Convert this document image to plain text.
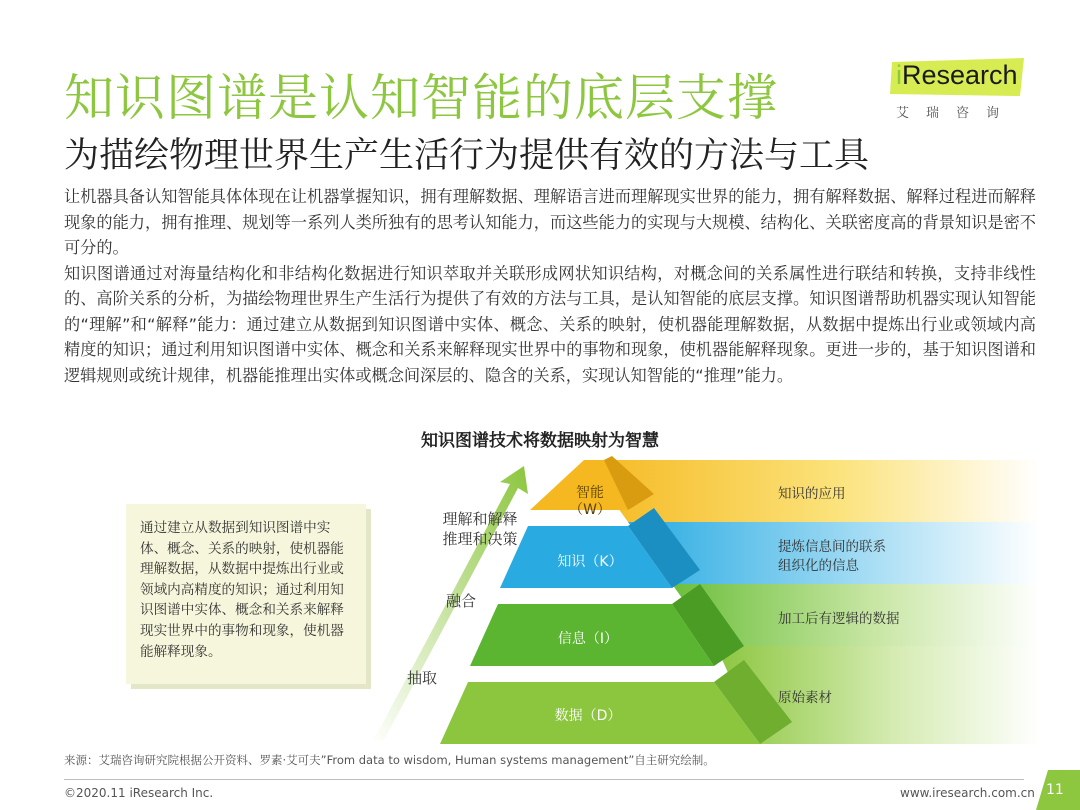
知识图谱是认知智能的底层支撑
为描绘物理世界生产生活行为提供有效的方法与工具
iResearch
艾瑞咨询

让机器具备认知智能具体体现在让机器掌握知识，拥有理解数据、理解语言进而理解现实世界的能力，拥有解释数据、解释过程进而解释现象的能力，拥有推理、规划等一系列人类所独有的思考认知能力，而这些能力的实现与大规模、结构化、关联密度高的背景知识是密不可分的。

知识图谱通过对海量结构化和非结构化数据进行知识萃取并关联形成网状知识结构，对概念间的关系属性进行联结和转换，支持非线性的、高阶关系的分析，为描绘物理世界生产生活行为提供了有效的方法与工具，是认知智能的底层支撑。知识图谱帮助机器实现认知智能的“理解”和“解释”能力：通过建立从数据到知识图谱中实体、概念、关系的映射，使机器能理解数据，从数据中提炼出行业或领域内高精度的知识；通过利用知识图谱中实体、概念和关系来解释现实世界中的事物和现象，使机器能解释现象。更进一步的，基于知识图谱和逻辑规则或统计规律，机器能推理出实体或概念间深层的、隐含的关系，实现认知智能的“推理”能力。

知识图谱技术将数据映射为智慧
通过建立从数据到知识图谱中实体、概念、关系的映射，使机器能理解数据，从数据中提炼出行业或领域内高精度的知识；通过利用知识图谱中实体、概念和关系来解释现实世界中的事物和现象，使机器能解释现象。
智能
（W）
知识（K）
信息（I）
数据（D）
知识的应用
提炼信息间的联系
组织化的信息
加工后有逻辑的数据
原始素材
理解和解释
推理和决策
融合
抽取
来源：艾瑞咨询研究院根据公开资料、罗素·艾可夫”From data to wisdom, Human systems management”自主研究绘制。
©2020.11 iResearch Inc.	www.iresearch.com.cn 11
